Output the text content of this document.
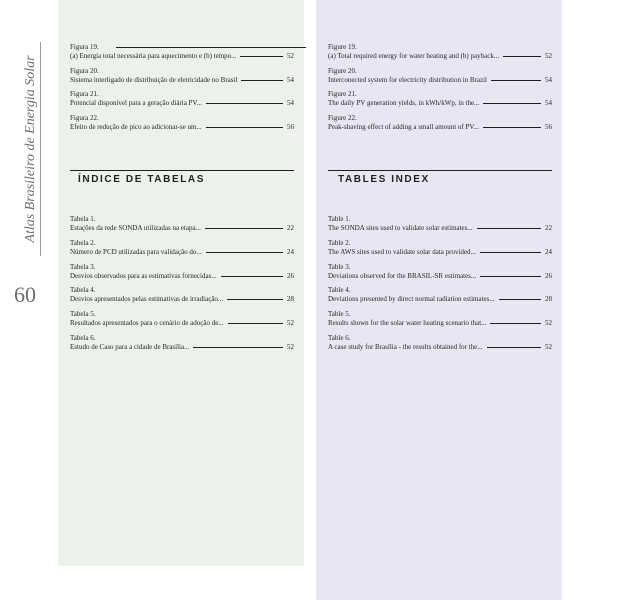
Atlas Brasileiro de Energia Solar
60
Figura 19.
(a) Energia total necessária para aquecimento e (b) tempo...	52
Figura 20.
Sistema interligado de distribuição de eletricidade no Brasil	54
Figura 21.
Potencial disponível para a geração diária PV...	54
Figura 22.
Efeito de redução de pico ao adicionar-se um...	56
ÍNDICE DE TABELAS
Tabela 1.
Estações da rede SONDA utilizadas na etapa...	22
Tabela 2.
Número de PCD utilizadas para validação do...	24
Tabela 3.
Desvios observados para as estimativas fornecidas...	26
Tabela 4.
Desvios apresentados pelas estimativas de irradiação...	28
Tabela 5.
Resultados apresentados para o cenário de adoção de...	52
Tabela 6.
Estudo de Caso para a cidade de Brasília...	52
Figure 19.
(a) Total required energy for water heating and (b) payback...	52
Figure 20.
Interconected system for electricity distribution in Brazil	54
Figure 21.
The daily PV generation yields, in kWh/kWp, in the...	54
Figure 22.
Peak-shaving effect of adding a small amount of PV...	56
TABLES INDEX
Table 1.
The SONDA sites used to validate solar estimates...	22
Table 2.
The AWS sites used to validate solar data provided...	24
Table 3.
Deviations observed for the BRASIL-SR estimates...	26
Table 4.
Deviations presented by direct normal radiation estimates...	28
Table 5.
Results shown for the solar water heating scenario that...	52
Table 6.
A case study for Brasília - the results obtained for the...	52
